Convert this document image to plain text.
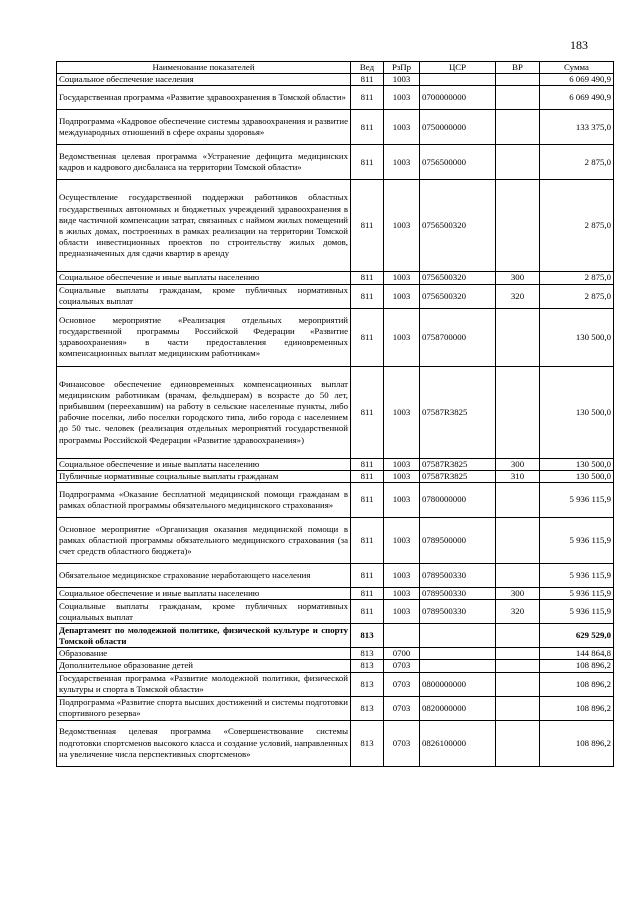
183
Наименование показателей	Вед	РзПр	ЦСР	ВР	Сумма
Социальное обеспечение населения	811	1003			6 069 490,9
Государственная программа «Развитие здравоохранения в Томской области»	811	1003	0700000000		6 069 490,9
Подпрограмма «Кадровое обеспечение системы здравоохранения и развитие международных отношений в сфере охраны здоровья»	811	1003	0750000000		133 375,0
Ведомственная целевая программа «Устранение дефицита медицинских кадров и кадрового дисбаланса на территории Томской области»	811	1003	0756500000		2 875,0
Осуществление государственной поддержки работников областных государственных автономных и бюджетных учреждений здравоохранения в виде частичной компенсации затрат, связанных с наймом жилых помещений в жилых домах, построенных в рамках реализации на территории Томской области инвестиционных проектов по строительству жилых домов, предназначенных для сдачи квартир в аренду	811	1003	0756500320		2 875,0
Социальное обеспечение и иные выплаты населению	811	1003	0756500320	300	2 875,0
Социальные выплаты гражданам, кроме публичных нормативных социальных выплат	811	1003	0756500320	320	2 875,0
Основное мероприятие «Реализация отдельных мероприятий государственной программы Российской Федерации «Развитие здравоохранения» в части предоставления единовременных компенсационных выплат медицинским работникам»	811	1003	0758700000		130 500,0
Финансовое обеспечение единовременных компенсационных выплат медицинским работникам (врачам, фельдшерам) в возрасте до 50 лет, прибывшим (переехавшим) на работу в сельские населенные пункты, либо рабочие поселки, либо поселки городского типа, либо города с населением до 50 тыс. человек (реализация отдельных мероприятий государственной программы Российской Федерации «Развитие здравоохранения»)	811	1003	07587R3825		130 500,0
Социальное обеспечение и иные выплаты населению	811	1003	07587R3825	300	130 500,0
Публичные нормативные социальные выплаты гражданам	811	1003	07587R3825	310	130 500,0
Подпрограмма «Оказание бесплатной медицинской помощи гражданам в рамках областной программы обязательного медицинского страхования»	811	1003	0780000000		5 936 115,9
Основное мероприятие «Организация оказания медицинской помощи в рамках областной программы обязательного медицинского страхования (за счет средств областного бюджета)»	811	1003	0789500000		5 936 115,9
Обязательное медицинское страхование неработающего населения	811	1003	0789500330		5 936 115,9
Социальное обеспечение и иные выплаты населению	811	1003	0789500330	300	5 936 115,9
Социальные выплаты гражданам, кроме публичных нормативных социальных выплат	811	1003	0789500330	320	5 936 115,9
Департамент по молодежной политике, физической культуре и спорту Томской области	813				629 529,0
Образование	813	0700			144 864,8
Дополнительное образование детей	813	0703			108 896,2
Государственная программа «Развитие молодежной политики, физической культуры и спорта в Томской области»	813	0703	0800000000		108 896,2
Подпрограмма «Развитие спорта высших достижений и системы подготовки спортивного резерва»	813	0703	0820000000		108 896,2
Ведомственная целевая программа «Совершенствование системы подготовки спортсменов высокого класса и создание условий, направленных на увеличение числа перспективных спортсменов»	813	0703	0826100000		108 896,2
